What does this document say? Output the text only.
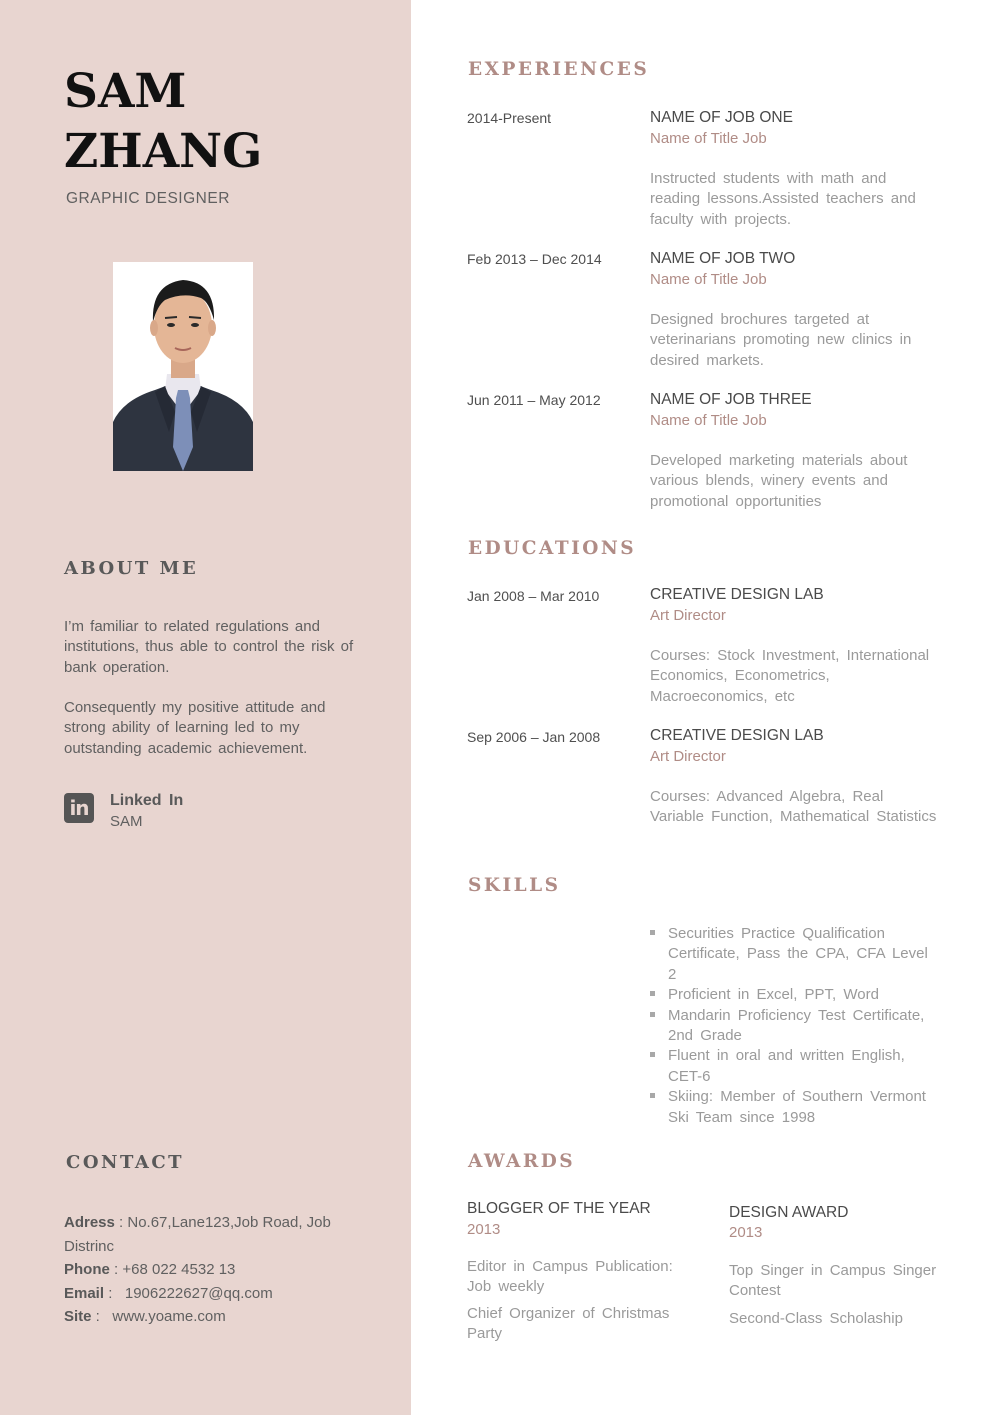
SAM
ZHANG
GRAPHIC DESIGNER
ABOUT ME
I’m familiar to related regulations and institutions, thus able to control the risk of bank operation.
Consequently my positive attitude and strong ability of learning led to my outstanding academic achievement.
in	Linked In
SAM
CONTACT
Adress : No.67,Lane123,Job Road, Job
Distrinc
Phone : +68 022 4532 13
Email :   1906222627@qq.com
Site :   www.yoame.com
EXPERIENCES
2014-Present	NAME OF JOB ONE
Name of Title Job
Instructed students with math and reading lessons.Assisted teachers and faculty with projects.
Feb 2013 – Dec 2014	NAME OF JOB TWO
Name of Title Job
Designed brochures targeted at veterinarians promoting new clinics in desired markets.
Jun 2011 – May 2012	NAME OF JOB THREE
Name of Title Job
Developed marketing materials about various blends, winery events and promotional opportunities
EDUCATIONS
Jan 2008 – Mar 2010	CREATIVE DESIGN LAB
Art Director
Courses: Stock Investment, International Economics, Econometrics, Macroeconomics, etc
Sep 2006 – Jan 2008	CREATIVE DESIGN LAB
Art Director
Courses: Advanced Algebra, Real Variable Function, Mathematical Statistics
SKILLS
Securities Practice Qualification Certificate, Pass the CPA, CFA Level 2
Proficient in Excel, PPT, Word
Mandarin Proficiency Test Certificate, 2nd Grade
Fluent in oral and written English, CET-6
Skiing: Member of Southern Vermont Ski Team since 1998
AWARDS
BLOGGER OF THE YEAR
2013
Editor in Campus Publication: Job weekly
Chief Organizer of Christmas Party
DESIGN AWARD
2013
Top Singer in Campus Singer Contest
Second-Class Scholaship
